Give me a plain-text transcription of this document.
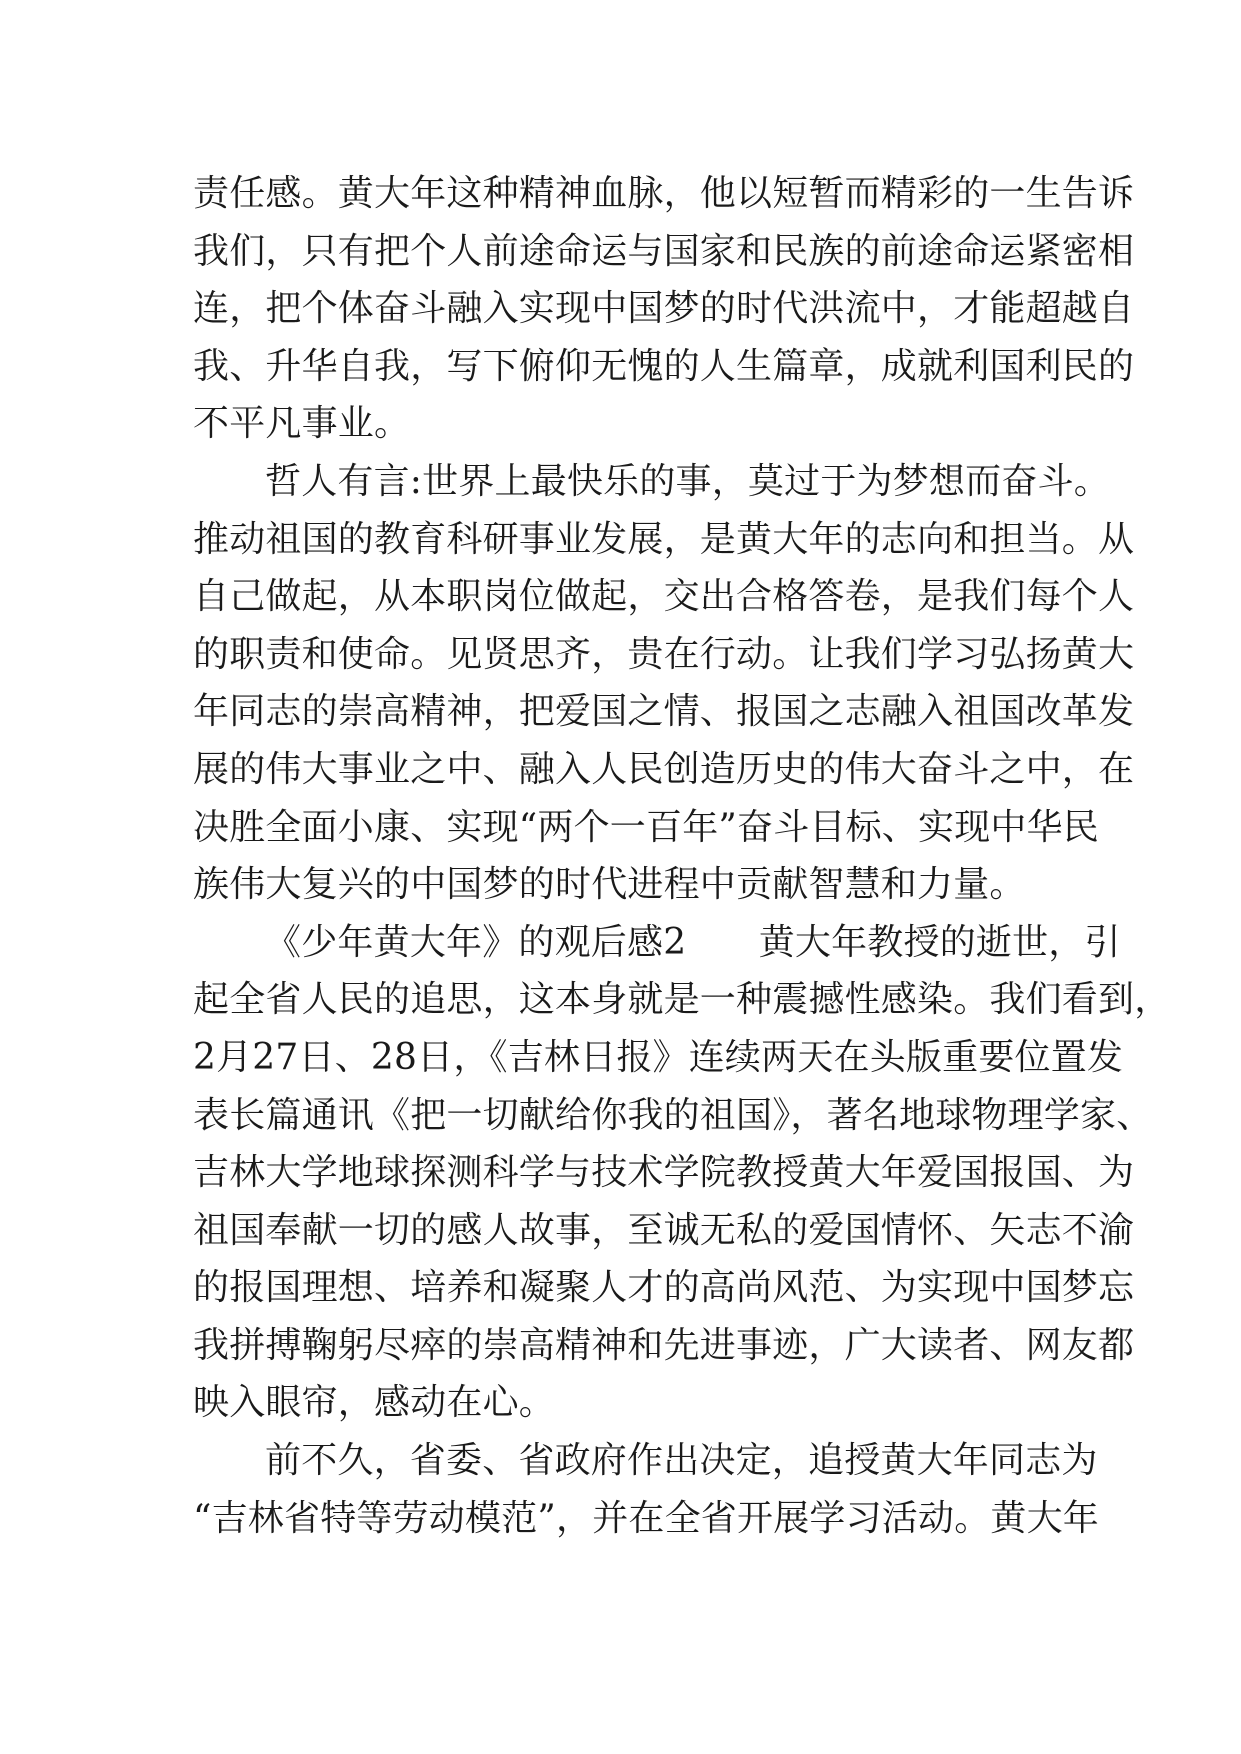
责任感。黄大年这种精神血脉，他以短暂而精彩的一生告诉
我们，只有把个人前途命运与国家和民族的前途命运紧密相
连，把个体奋斗融入实现中国梦的时代洪流中，才能超越自
我、升华自我，写下俯仰无愧的人生篇章，成就利国利民的
不平凡事业。
哲人有言:世界上最快乐的事，莫过于为梦想而奋斗。
推动祖国的教育科研事业发展，是黄大年的志向和担当。从
自己做起，从本职岗位做起，交出合格答卷，是我们每个人
的职责和使命。见贤思齐，贵在行动。让我们学习弘扬黄大
年同志的崇高精神，把爱国之情、报国之志融入祖国改革发
展的伟大事业之中、融入人民创造历史的伟大奋斗之中，在
决胜全面小康、实现“两个一百年”奋斗目标、实现中华民
族伟大复兴的中国梦的时代进程中贡献智慧和力量。
《少年黄大年》的观后感2　　黄大年教授的逝世，引
起全省人民的追思，这本身就是一种震撼性感染。我们看到，
2月27日、28日，《吉林日报》连续两天在头版重要位置发
表长篇通讯《把一切献给你我的祖国》，著名地球物理学家、
吉林大学地球探测科学与技术学院教授黄大年爱国报国、为
祖国奉献一切的感人故事，至诚无私的爱国情怀、矢志不渝
的报国理想、培养和凝聚人才的高尚风范、为实现中国梦忘
我拼搏鞠躬尽瘁的崇高精神和先进事迹，广大读者、网友都
映入眼帘，感动在心。
前不久，省委、省政府作出决定，追授黄大年同志为
“吉林省特等劳动模范”，并在全省开展学习活动。黄大年
